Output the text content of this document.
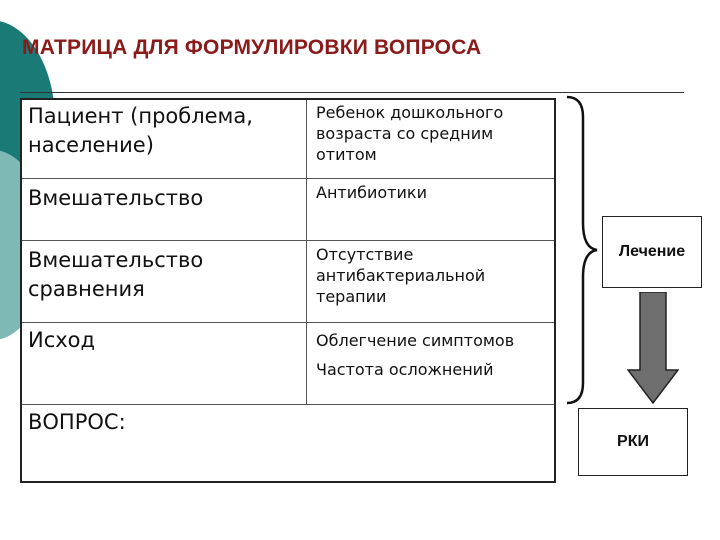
МАТРИЦА ДЛЯ ФОРМУЛИРОВКИ ВОПРОСА
Пациент (проблема, население)
Ребенок дошкольного
возраста со средним
отитом
Вмешательство	Антибиотики
Вмешательство сравнения
Отсутствие
антибактериальной
терапии
Исход	Облегчение симптомов
Частота осложнений
ВОПРОС:
Лечение
РКИ
